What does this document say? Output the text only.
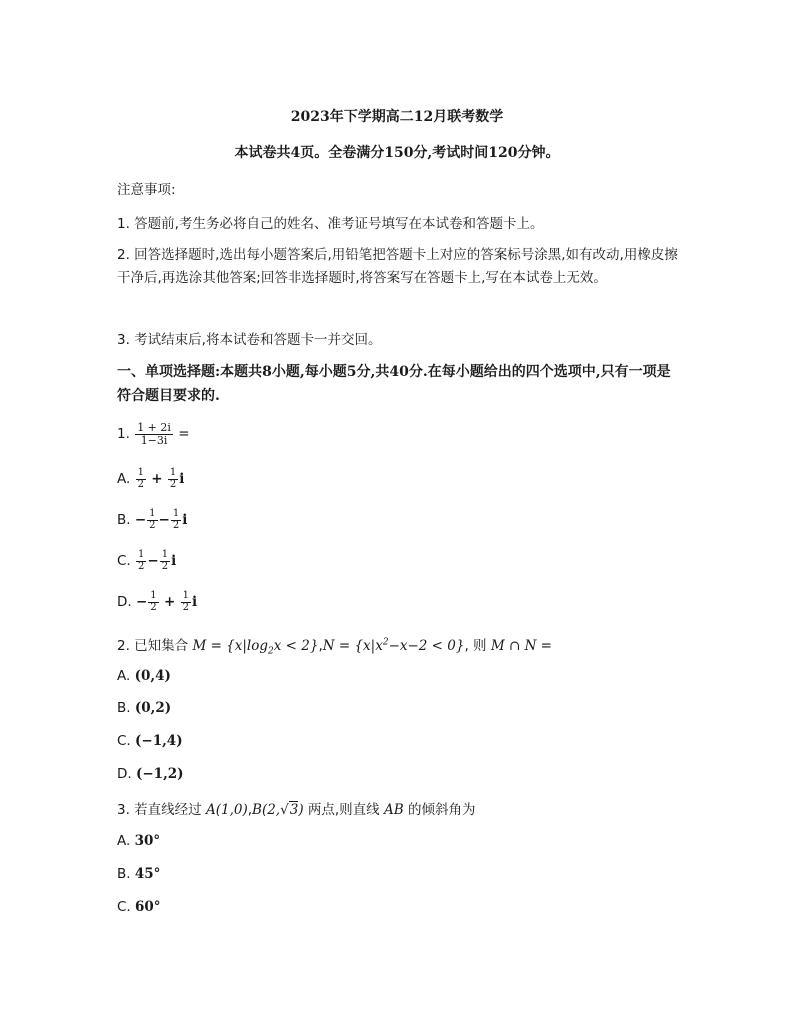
2023年下学期高二12月联考数学
本试卷共4页。全卷满分150分,考试时间120分钟。
注意事项:
1. 答题前,考生务必将自己的姓名、准考证号填写在本试卷和答题卡上。
2. 回答选择题时,选出每小题答案后,用铅笔把答题卡上对应的答案标号涂黑,如有改动,用橡皮擦干净后,再选涂其他答案;回答非选择题时,将答案写在答题卡上,写在本试卷上无效。
3. 考试结束后,将本试卷和答题卡一并交回。
一、单项选择题:本题共8小题,每小题5分,共40分.在每小题给出的四个选项中,只有一项是符合题目要求的.
1. $\frac{1 + 2i}{1-3i}$ =
A. $\frac{1}{2} + \frac{1}{2}$ i
B. − $\frac{1}{2} - \frac{1}{2}$ i
C. $\frac{1}{2} - \frac{1}{2}$ i
D. − $\frac{1}{2} + \frac{1}{2}$ i
2. 已知集合 $M = \{x|\log_2x < 2\},N = \{x|x^2-x-2 < 0\}$, 则 M ∩ N =
A. (0,4)
B. (0,2)
C. (−1,4)
D. (−1,2)
3. 若直线经过 A(1,0),B(2,√3) 两点,则直线 AB 的倾斜角为
A. 30°
B. 45°
C. 60°
